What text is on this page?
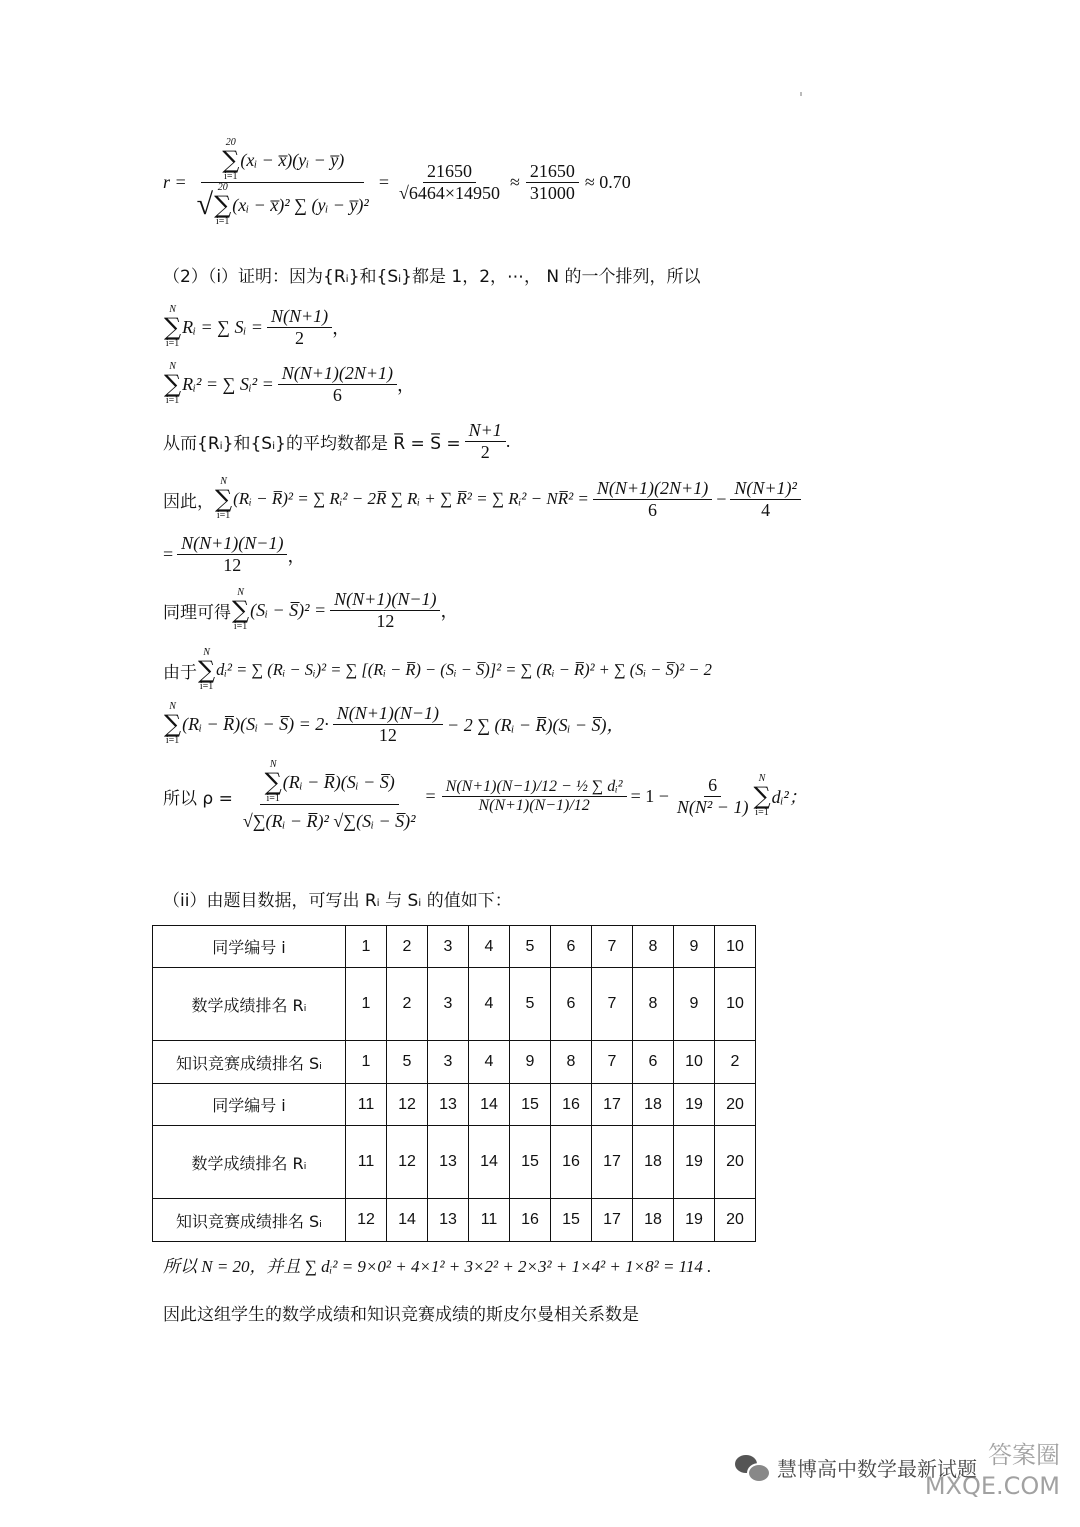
r = 20
∑
i=1
(xᵢ − x̅)(yᵢ − y̅)
√
20
∑
i=1
(xᵢ − x̅)² ∑ (yᵢ − y̅)² = $\frac{21650}{√6464\times 14950} \approx \frac{21650}{31000} \approx 0.70$
（2）（i）证明：因为{Rᵢ}和{Sᵢ}都是 1，2，⋯， N 的一个排列，所以
N
∑
i=1
Rᵢ = ∑ Sᵢ = $\frac{N(N+1)}{2}$ ，
N
∑
i=1
Rᵢ² = ∑ Sᵢ² = $\frac{N(N+1)(2N+1)}{6}$ ，
从而{Rᵢ}和{Sᵢ}的平均数都是 R̅ = S̅ = $\frac{N+1}{2}$ .
因此，
N
∑
i=1
(Rᵢ − R̅)² = ∑ Rᵢ² − 2R̅ ∑ Rᵢ + ∑ R̅² = ∑ Rᵢ² − NR̅² = $\frac{N(N+1)(2N+1)}{6} - \frac{\text{N(N+1)²}}{4}$
= $\frac{N(N+1)(N-1)}{12}$ ，
同理可得
N
∑
i=1
(Sᵢ − S̅)² = $\frac{N(N+1)(N-1)}{12}$ ，
由于
N
∑
i=1
dᵢ² = ∑ (Rᵢ − Sᵢ)² = ∑ [(Rᵢ − R̅) − (Sᵢ − S̅)]² = ∑ (Rᵢ − R̅)² + ∑ (Sᵢ − S̅)² − 2
N
∑
i=1
(Rᵢ − R̅)(Sᵢ − S̅) = $2\cdot \frac{N(N+1)(N-1)}{12} - 2$ ∑ (Rᵢ − R̅)(Sᵢ − S̅)，
所以 ρ = N
∑
i=1
(Rᵢ − R̅)(Sᵢ − S̅)
√∑(Rᵢ − R̅)² √∑(Sᵢ − S̅)² = $\frac{\text{N(N+1)(N−1)/12 − ½ ∑ dᵢ²}}{N(N+1)(N-1)/12} = 1 - \frac{6}{\text{N(N² − 1)}}$ N
∑
i=1
dᵢ²；
（ii）由题目数据，可写出 Rᵢ 与 Sᵢ 的值如下：
同学编号 i	1	2	3	4	5	6	7	8	9	10
数学成绩排名 Rᵢ	1	2	3	4	5	6	7	8	9	10
知识竞赛成绩排名 Sᵢ	1	5	3	4	9	8	7	6	10	2
同学编号 i	11	12	13	14	15	16	17	18	19	20
数学成绩排名 Rᵢ	11	12	13	14	15	16	17	18	19	20
知识竞赛成绩排名 Sᵢ	12	14	13	11	16	15	17	18	19	20
所以 N = 20，并且 ∑ dᵢ² = 9×0² + 4×1² + 3×2² + 2×3² + 1×4² + 1×8² = 114 .
因此这组学生的数学成绩和知识竞赛成绩的斯皮尔曼相关系数是
慧博高中数学最新试题 答案圈
MXQE.COM
